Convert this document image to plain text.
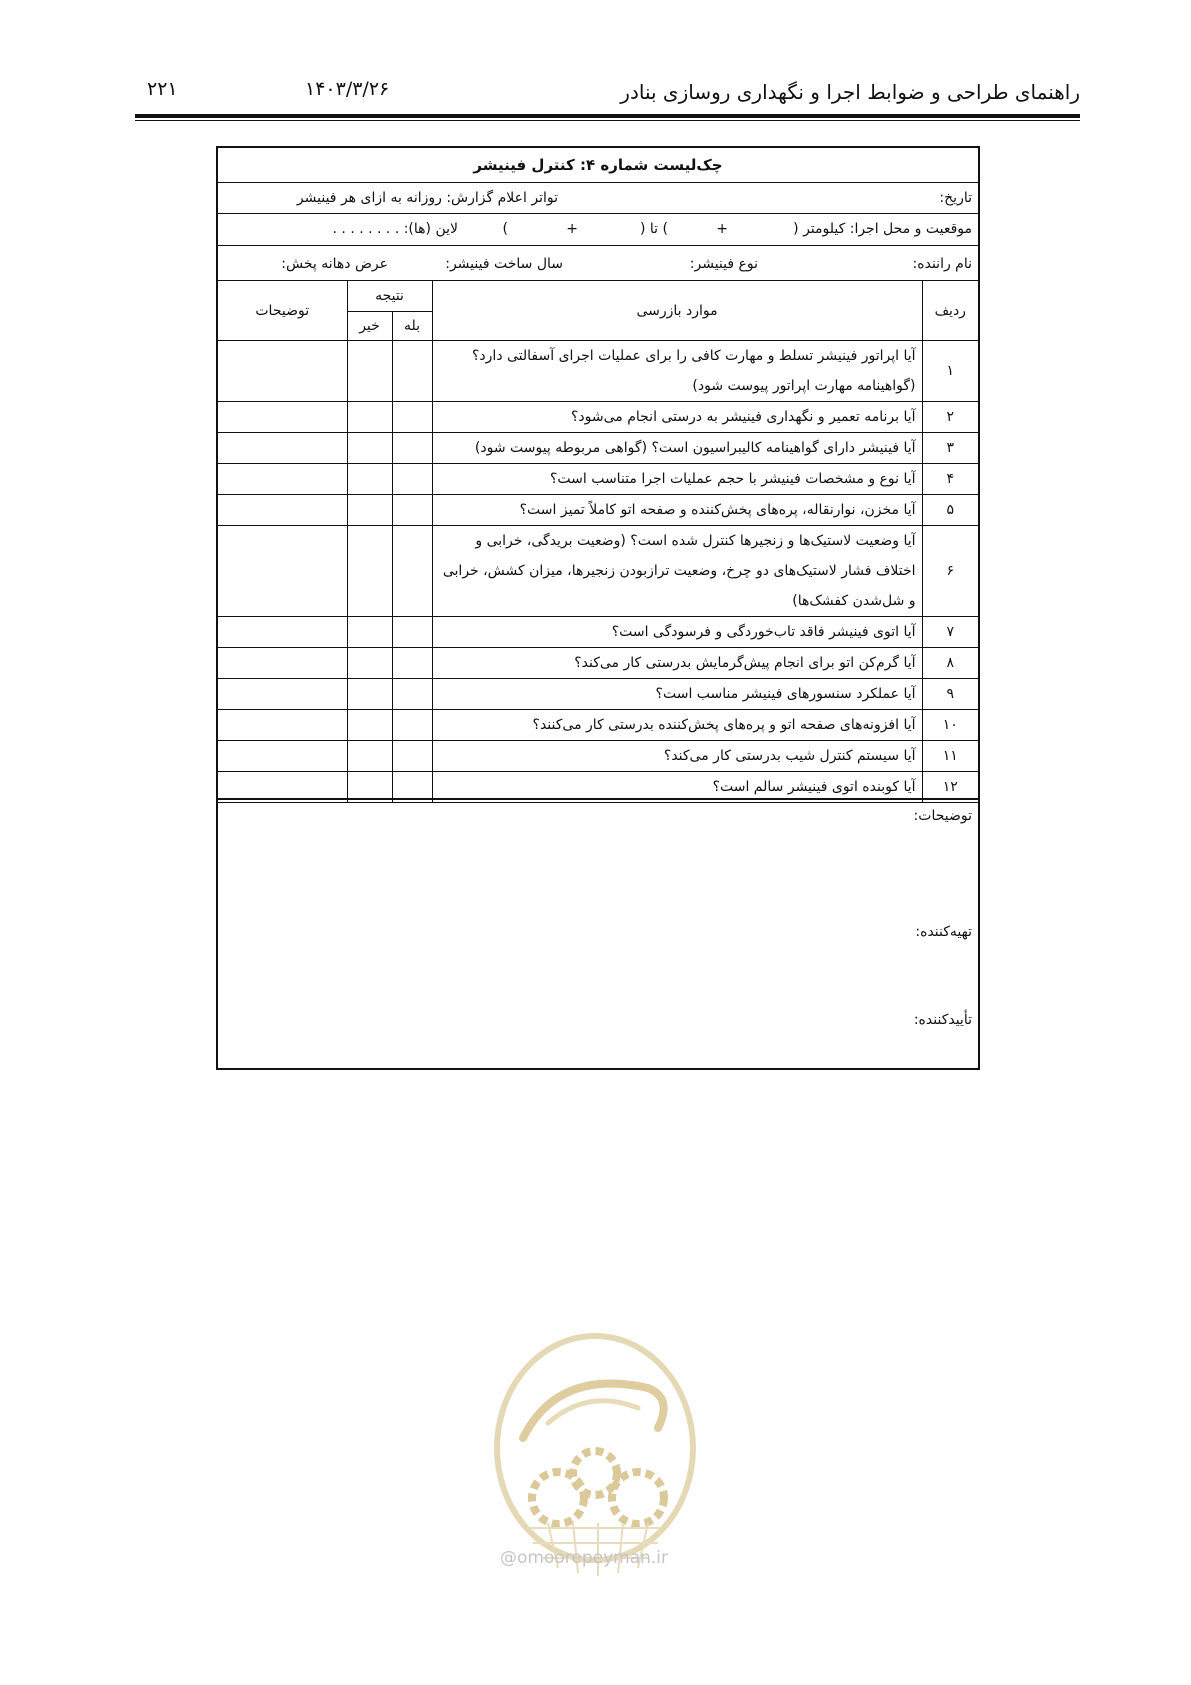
راهنمای طراحی و ضوابط اجرا و نگهداری روسازی بنادر
۱۴۰۳/۳/۲۶
۲۲۱
چک‌لیست شماره ۴: کنترل فینیشر
تاریخ:
تواتر اعلام گزارش: روزانه به ازای هر فینیشر
موقعیت و محل اجرا: کیلومتر (
+
) تا (
+
)
لاین (ها): . . . . . . . .
نام راننده:
نوع فینیشر:
سال ساخت فینیشر:
عرض دهانه پخش:
ردیف	موارد بازرسی	نتیجه		توضیحات
		بله	خیر	
۱	آیا اپراتور فینیشر تسلط و مهارت کافی را برای عملیات اجرای آسفالتی دارد؟ (گواهینامه مهارت اپراتور پیوست شود)			
۲	آیا برنامه تعمیر و نگهداری فینیشر به درستی انجام می‌شود؟			
۳	آیا فینیشر دارای گواهینامه کالیبراسیون است؟ (گواهی مربوطه پیوست شود)			
۴	آیا نوع و مشخصات فینیشر با حجم عملیات اجرا متناسب است؟			
۵	آیا مخزن، نوارنقاله، پره‌های پخش‌کننده و صفحه اتو کاملاً تمیز است؟			
۶	آیا وضعیت لاستیک‌ها و زنجیرها کنترل شده است؟ (وضعیت بریدگی، خرابی و اختلاف فشار لاستیک‌های دو چرخ، وضعیت ترازبودن زنجیرها، میزان کشش، خرابی و شل‌شدن کفشک‌ها)			
۷	آیا اتوی فینیشر فاقد تاب‌خوردگی و فرسودگی است؟			
۸	آیا گرم‌کن اتو برای انجام پیش‌گرمایش بدرستی کار می‌کند؟			
۹	آیا عملکرد سنسورهای فینیشر مناسب است؟			
۱۰	آیا افزونه‌های صفحه اتو و پره‌های پخش‌کننده بدرستی کار می‌کنند؟			
۱۱	آیا سیستم کنترل شیب بدرستی کار می‌کند؟			
۱۲	آیا کوبنده اتوی فینیشر سالم است؟			
توضیحات:
تهیه‌کننده:
تأییدکننده:
@omoorepeyman.ir
